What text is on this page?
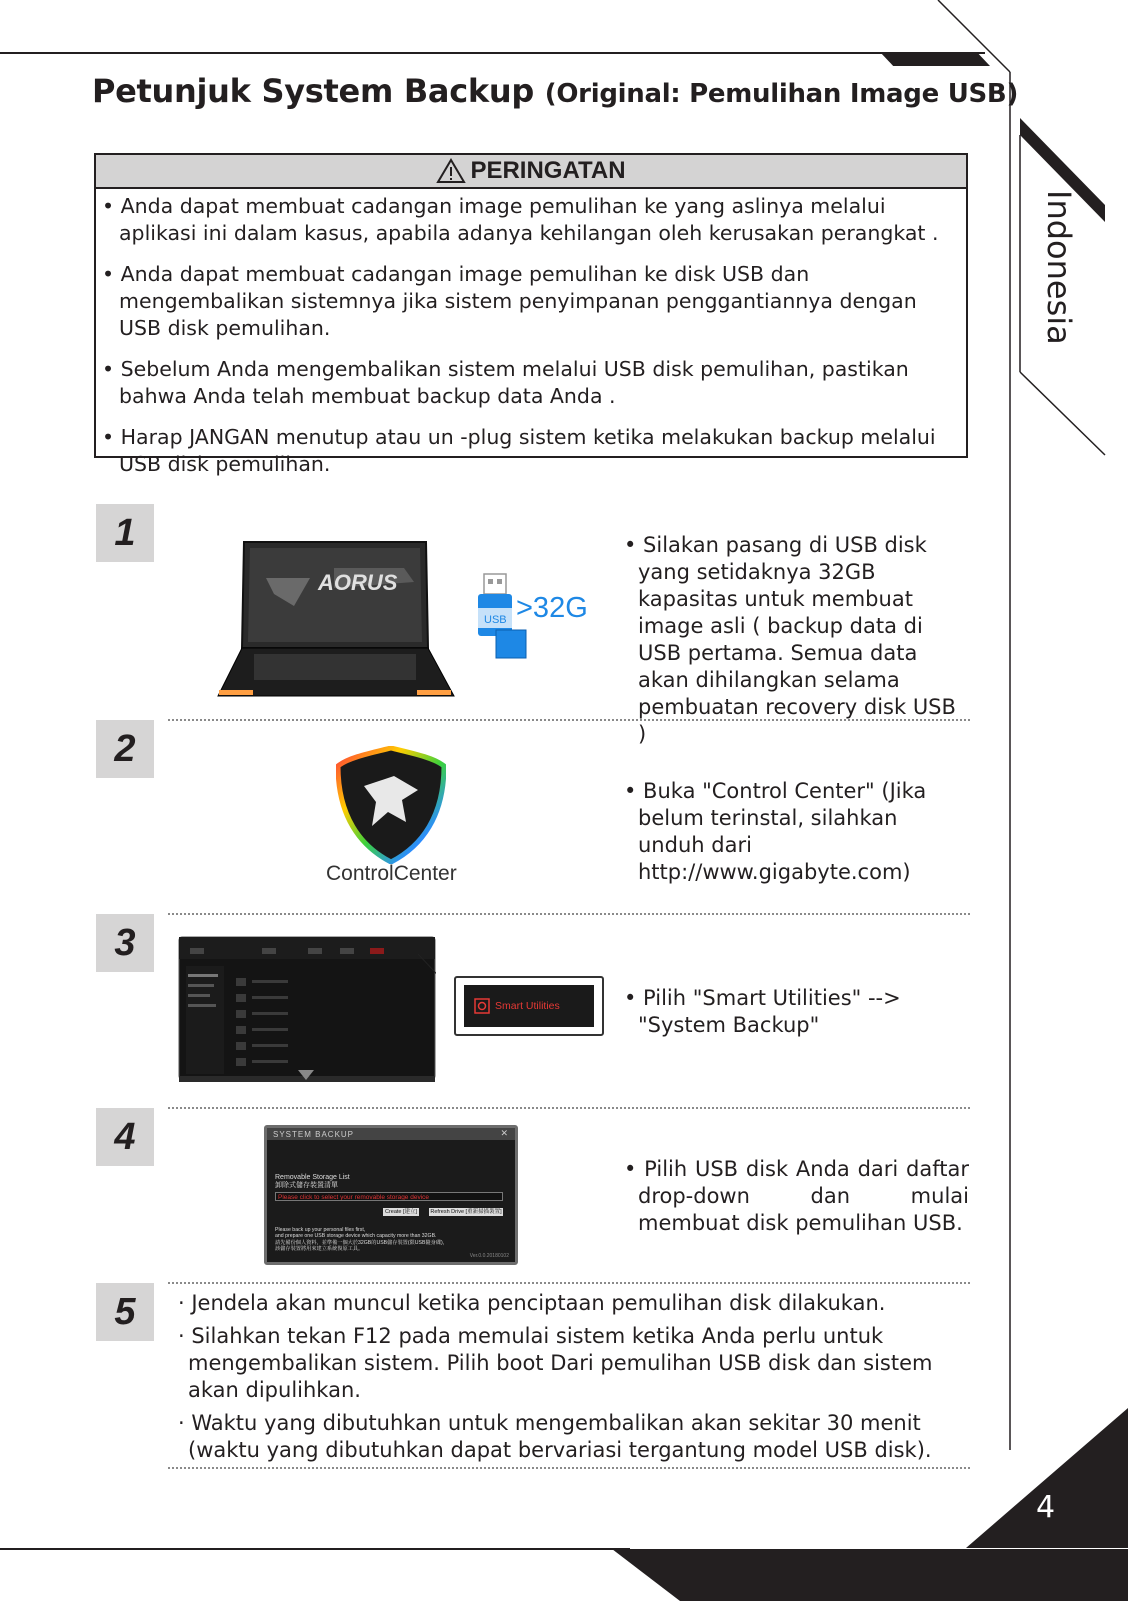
4
Indonesia
Petunjuk System Backup (Original: Pemulihan Image USB)
PERINGATAN
• Anda dapat membuat cadangan image pemulihan ke yang aslinya melalui aplikasi ini dalam kasus, apabila adanya kehilangan oleh kerusakan perangkat .
• Anda dapat membuat cadangan image pemulihan ke disk USB dan mengembalikan sistemnya jika sistem penyimpanan penggantiannya dengan USB disk pemulihan.
• Sebelum Anda mengembalikan sistem melalui USB disk pemulihan, pastikan bahwa Anda telah membuat backup data Anda .
• Harap JANGAN menutup atau un -plug sistem ketika melakukan backup melalui USB disk pemulihan.
1
AORUS
USB >32G
• Silakan pasang di USB disk yang setidaknya 32GB kapasitas untuk membuat image asli ( backup data di USB pertama. Semua data akan dihilangkan selama pembuatan recovery disk USB )
2
ControlCenter
• Buka "Control Center" (Jika belum terinstal, silahkan unduh dari http://www.gigabyte.com)
3
Smart Utilities	• Pilih "Smart Utilities" --> "System Backup"
4	SYSTEM BACKUP	✕
Removable Storage List
卸除式儲存裝置清單
Please click to select your removable storage device
Create [建立]	Refresh Drive [重新掃描裝置]
Please back up your personal files first,
and prepare one USB storage device which capacity more than 32GB.
請先備份個人資料，並準備一個大於32GB的USB儲存裝置(限USB隨身碟)，
該儲存裝置將用來建立系統復原工具。
Ver.0.0.20180102
• Pilih USB disk Anda dari daftar drop-down dan mulai membuat disk pemulihan USB.
5	· Jendela akan muncul ketika penciptaan pemulihan disk dilakukan.
· Silahkan tekan F12 pada memulai sistem ketika Anda perlu untuk mengembalikan sistem. Pilih boot Dari pemulihan USB disk dan sistem akan dipulihkan.
· Waktu yang dibutuhkan untuk mengembalikan akan sekitar 30 menit (waktu yang dibutuhkan dapat bervariasi tergantung model USB disk).
